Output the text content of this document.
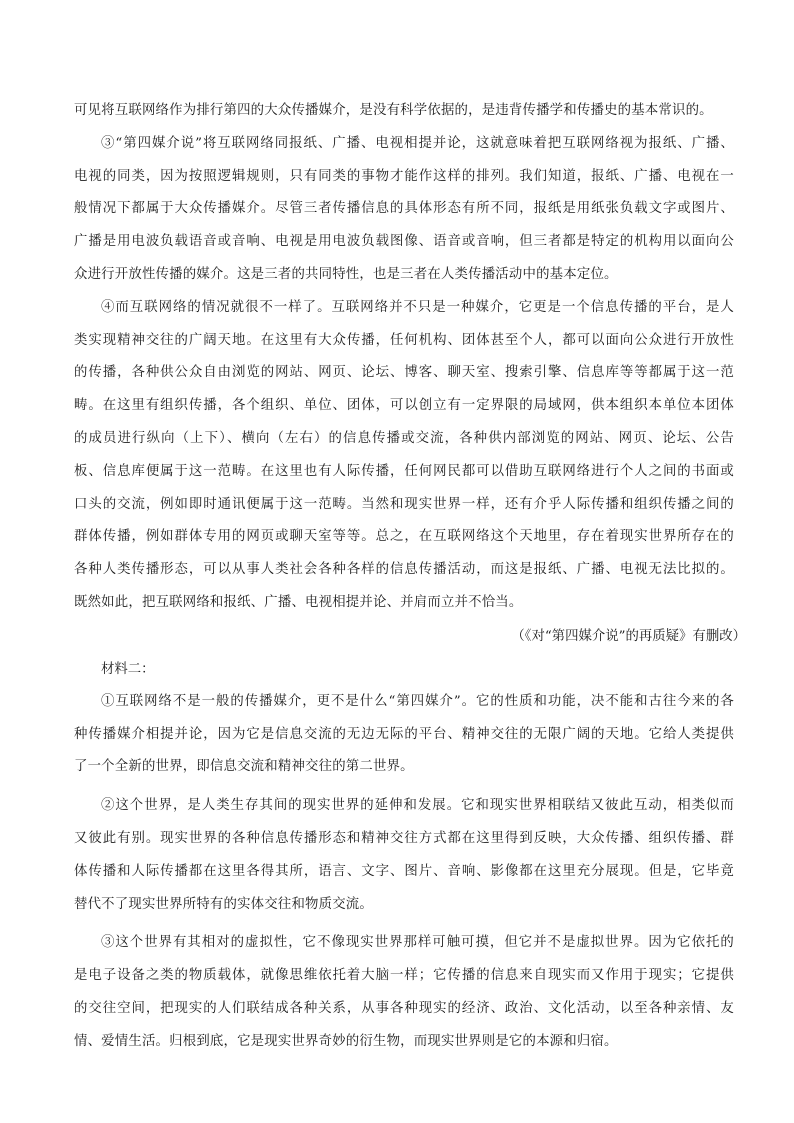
可见将互联网络作为排行第四的大众传播媒介，是没有科学依据的，是违背传播学和传播史的基本常识的。
③“第四媒介说”将互联网络同报纸、广播、电视相提并论，这就意味着把互联网络视为报纸、广播、
电视的同类，因为按照逻辑规则，只有同类的事物才能作这样的排列。我们知道，报纸、广播、电视在一
般情况下都属于大众传播媒介。尽管三者传播信息的具体形态有所不同，报纸是用纸张负载文字或图片、
广播是用电波负载语音或音响、电视是用电波负载图像、语音或音响，但三者都是特定的机构用以面向公
众进行开放性传播的媒介。这是三者的共同特性，也是三者在人类传播活动中的基本定位。
④而互联网络的情况就很不一样了。互联网络并不只是一种媒介，它更是一个信息传播的平台，是人
类实现精神交往的广阔天地。在这里有大众传播，任何机构、团体甚至个人，都可以面向公众进行开放性
的传播，各种供公众自由浏览的网站、网页、论坛、博客、聊天室、搜索引擎、信息库等等都属于这一范
畴。在这里有组织传播，各个组织、单位、团体，可以创立有一定界限的局域网，供本组织本单位本团体
的成员进行纵向（上下）、横向（左右）的信息传播或交流，各种供内部浏览的网站、网页、论坛、公告
板、信息库便属于这一范畴。在这里也有人际传播，任何网民都可以借助互联网络进行个人之间的书面或
口头的交流，例如即时通讯便属于这一范畴。当然和现实世界一样，还有介乎人际传播和组织传播之间的
群体传播，例如群体专用的网页或聊天室等等。总之，在互联网络这个天地里，存在着现实世界所存在的
各种人类传播形态，可以从事人类社会各种各样的信息传播活动，而这是报纸、广播、电视无法比拟的。
既然如此，把互联网络和报纸、广播、电视相提并论、并肩而立并不恰当。
（《对“第四媒介说”的再质疑》有删改）
材料二：
①互联网络不是一般的传播媒介，更不是什么“第四媒介”。它的性质和功能，决不能和古往今来的各
种传播媒介相提并论，因为它是信息交流的无边无际的平台、精神交往的无限广阔的天地。它给人类提供
了一个全新的世界，即信息交流和精神交往的第二世界。
②这个世界，是人类生存其间的现实世界的延伸和发展。它和现实世界相联结又彼此互动，相类似而
又彼此有别。现实世界的各种信息传播形态和精神交往方式都在这里得到反映，大众传播、组织传播、群
体传播和人际传播都在这里各得其所，语言、文字、图片、音响、影像都在这里充分展现。但是，它毕竟
替代不了现实世界所特有的实体交往和物质交流。
③这个世界有其相对的虚拟性，它不像现实世界那样可触可摸，但它并不是虚拟世界。因为它依托的
是电子设备之类的物质载体，就像思维依托着大脑一样；它传播的信息来自现实而又作用于现实；它提供
的交往空间，把现实的人们联结成各种关系，从事各种现实的经济、政治、文化活动，以至各种亲情、友
情、爱情生活。归根到底，它是现实世界奇妙的衍生物，而现实世界则是它的本源和归宿。
